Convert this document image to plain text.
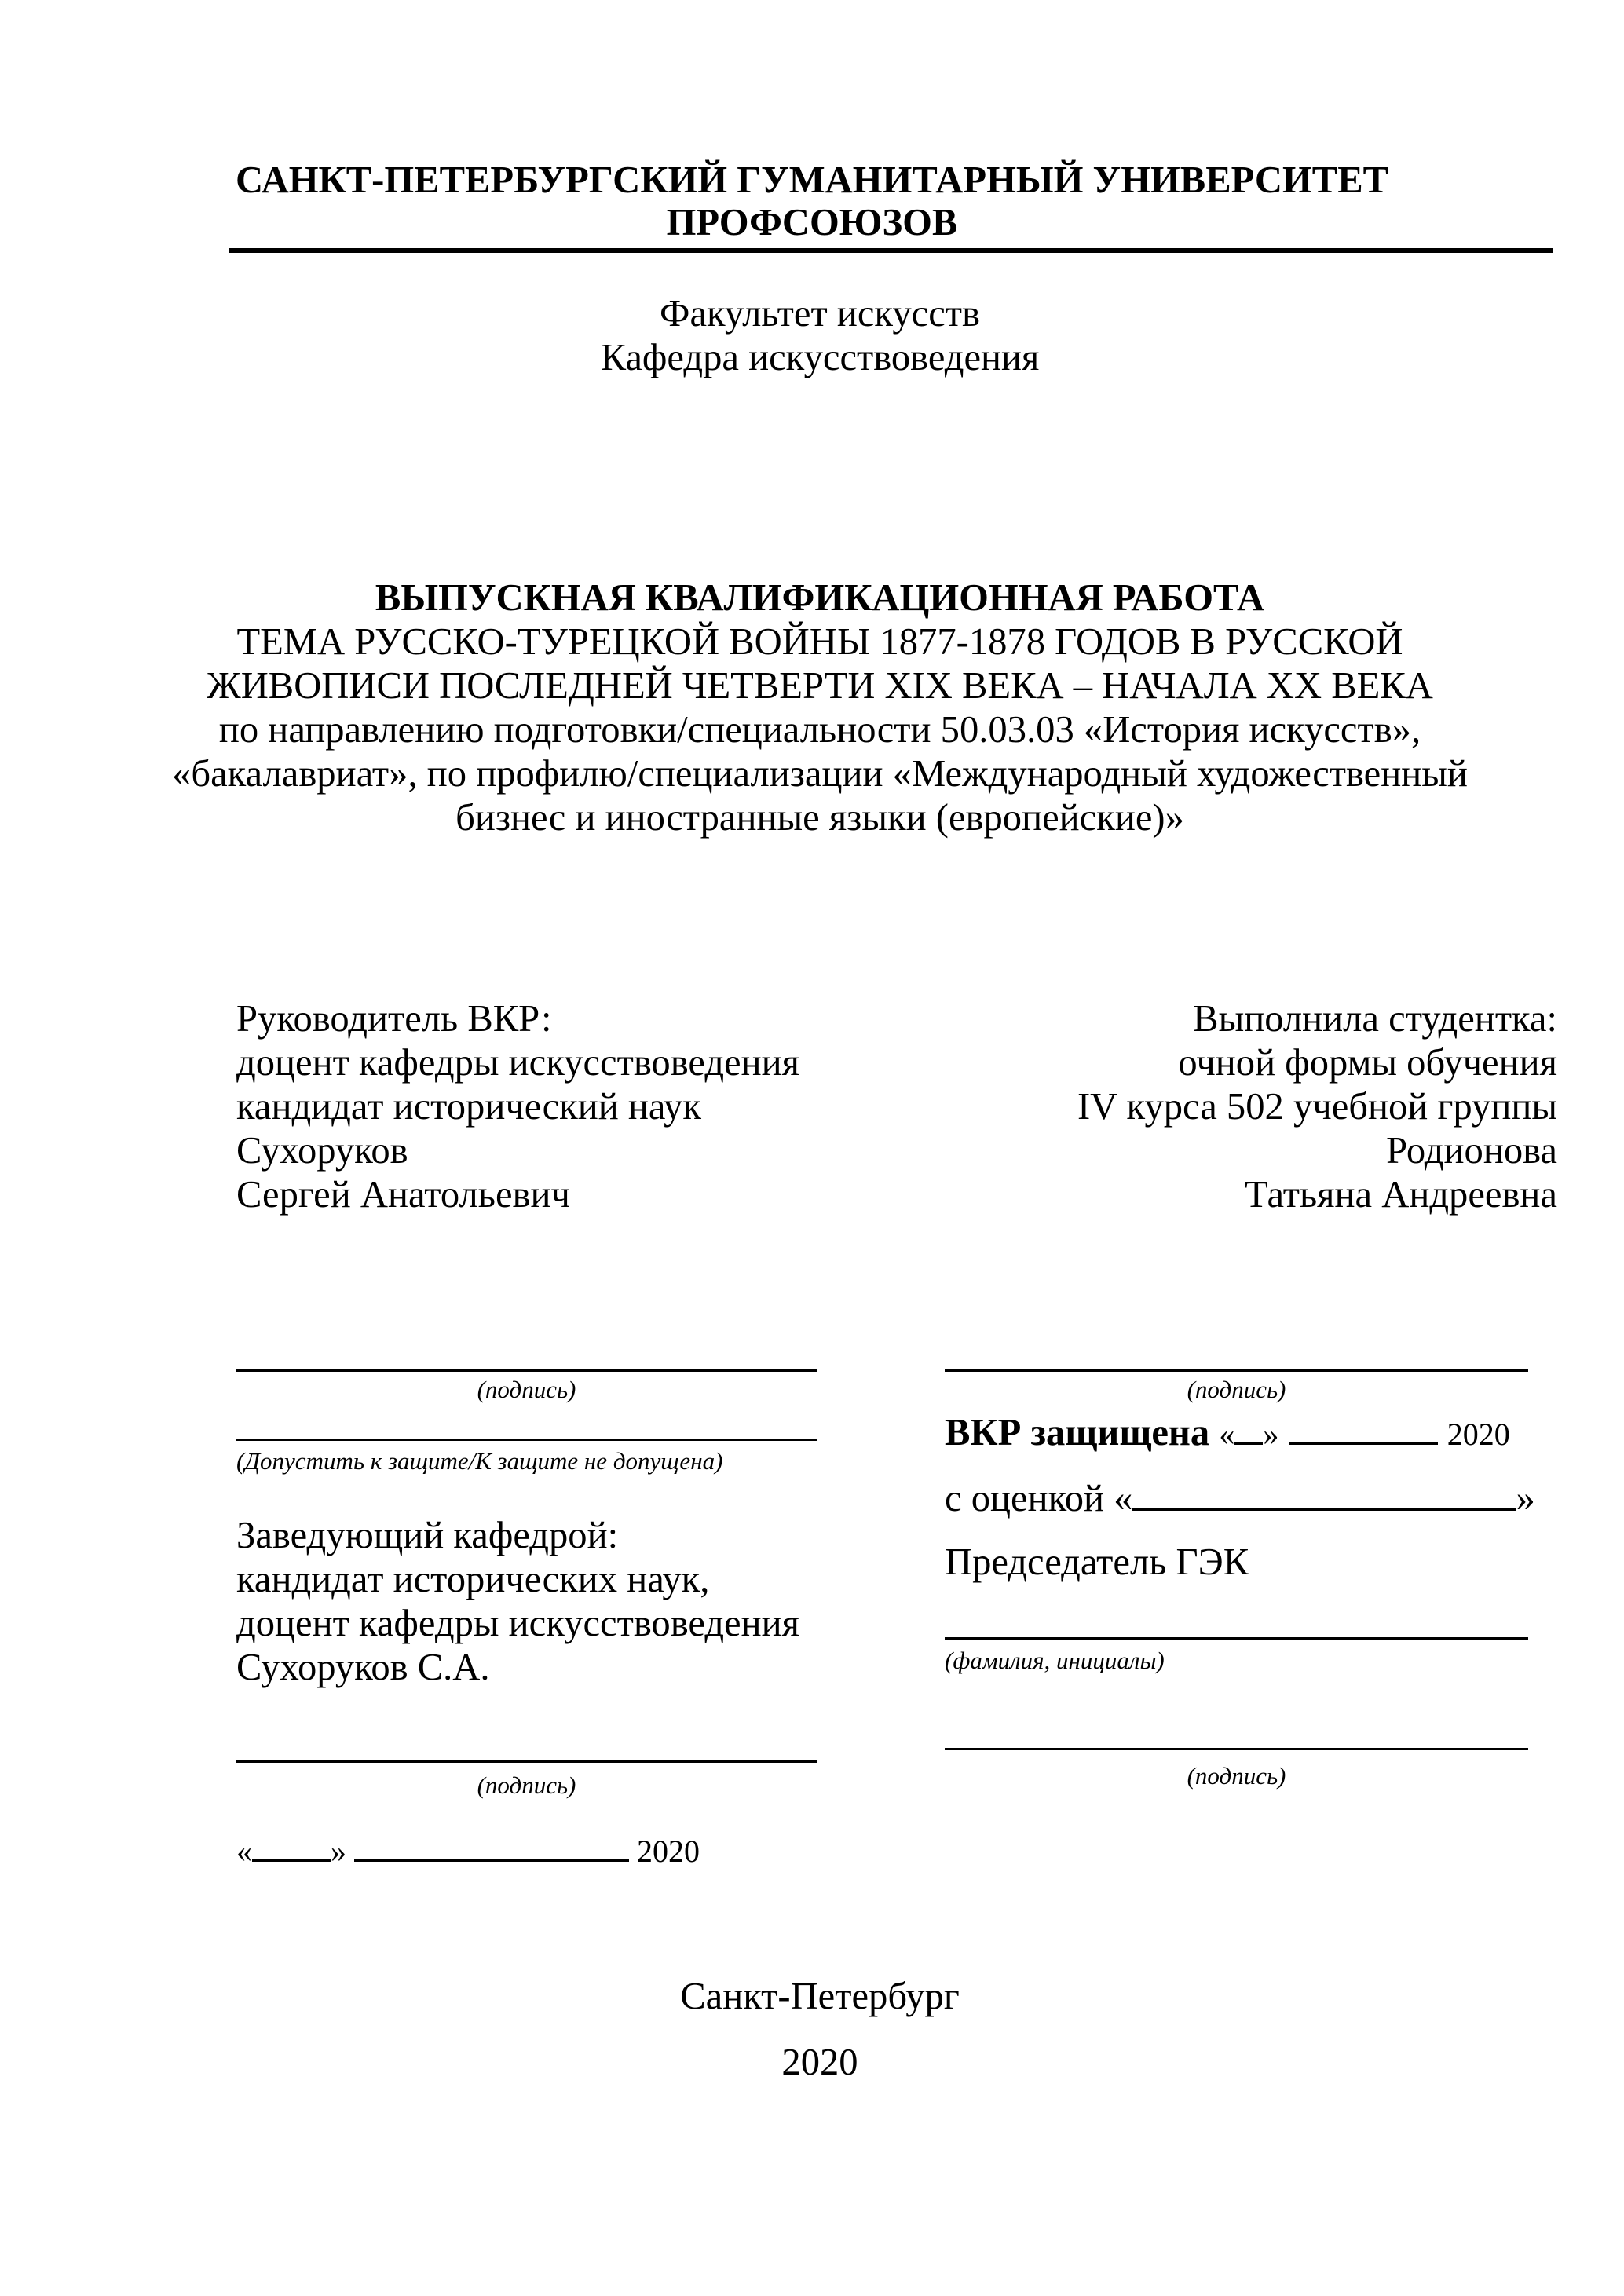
САНКТ-ПЕТЕРБУРГСКИЙ ГУМАНИТАРНЫЙ УНИВЕРСИТЕТ
ПРОФСОЮЗОВ
Факультет искусств
Кафедра искусствоведения
ВЫПУСКНАЯ КВАЛИФИКАЦИОННАЯ РАБОТА
ТЕМА РУССКО-ТУРЕЦКОЙ ВОЙНЫ 1877-1878 ГОДОВ В РУССКОЙ
ЖИВОПИСИ ПОСЛЕДНЕЙ ЧЕТВЕРТИ XIX ВЕКА – НАЧАЛА XX ВЕКА
по направлению подготовки/специальности 50.03.03 «История искусств»,
«бакалавриат», по профилю/специализации «Международный художественный
бизнес и иностранные языки (европейские)»
Руководитель ВКР:
доцент кафедры искусствоведения
кандидат исторический наук
Сухоруков
Сергей Анатольевич
Выполнила студентка:
очной формы обучения
IV курса 502 учебной группы
Родионова
Татьяна Андреевна
(подпись)
(Допустить к защите/К защите не допущена)
Заведующий кафедрой:
кандидат исторических наук,
доцент кафедры искусствоведения
Сухоруков С.А.
(подпись)
«	»	2020
(подпись)
ВКР защищена « »	2020
с оценкой «	»
Председатель ГЭК
(фамилия, инициалы)
(подпись)
Санкт-Петербург
2020
